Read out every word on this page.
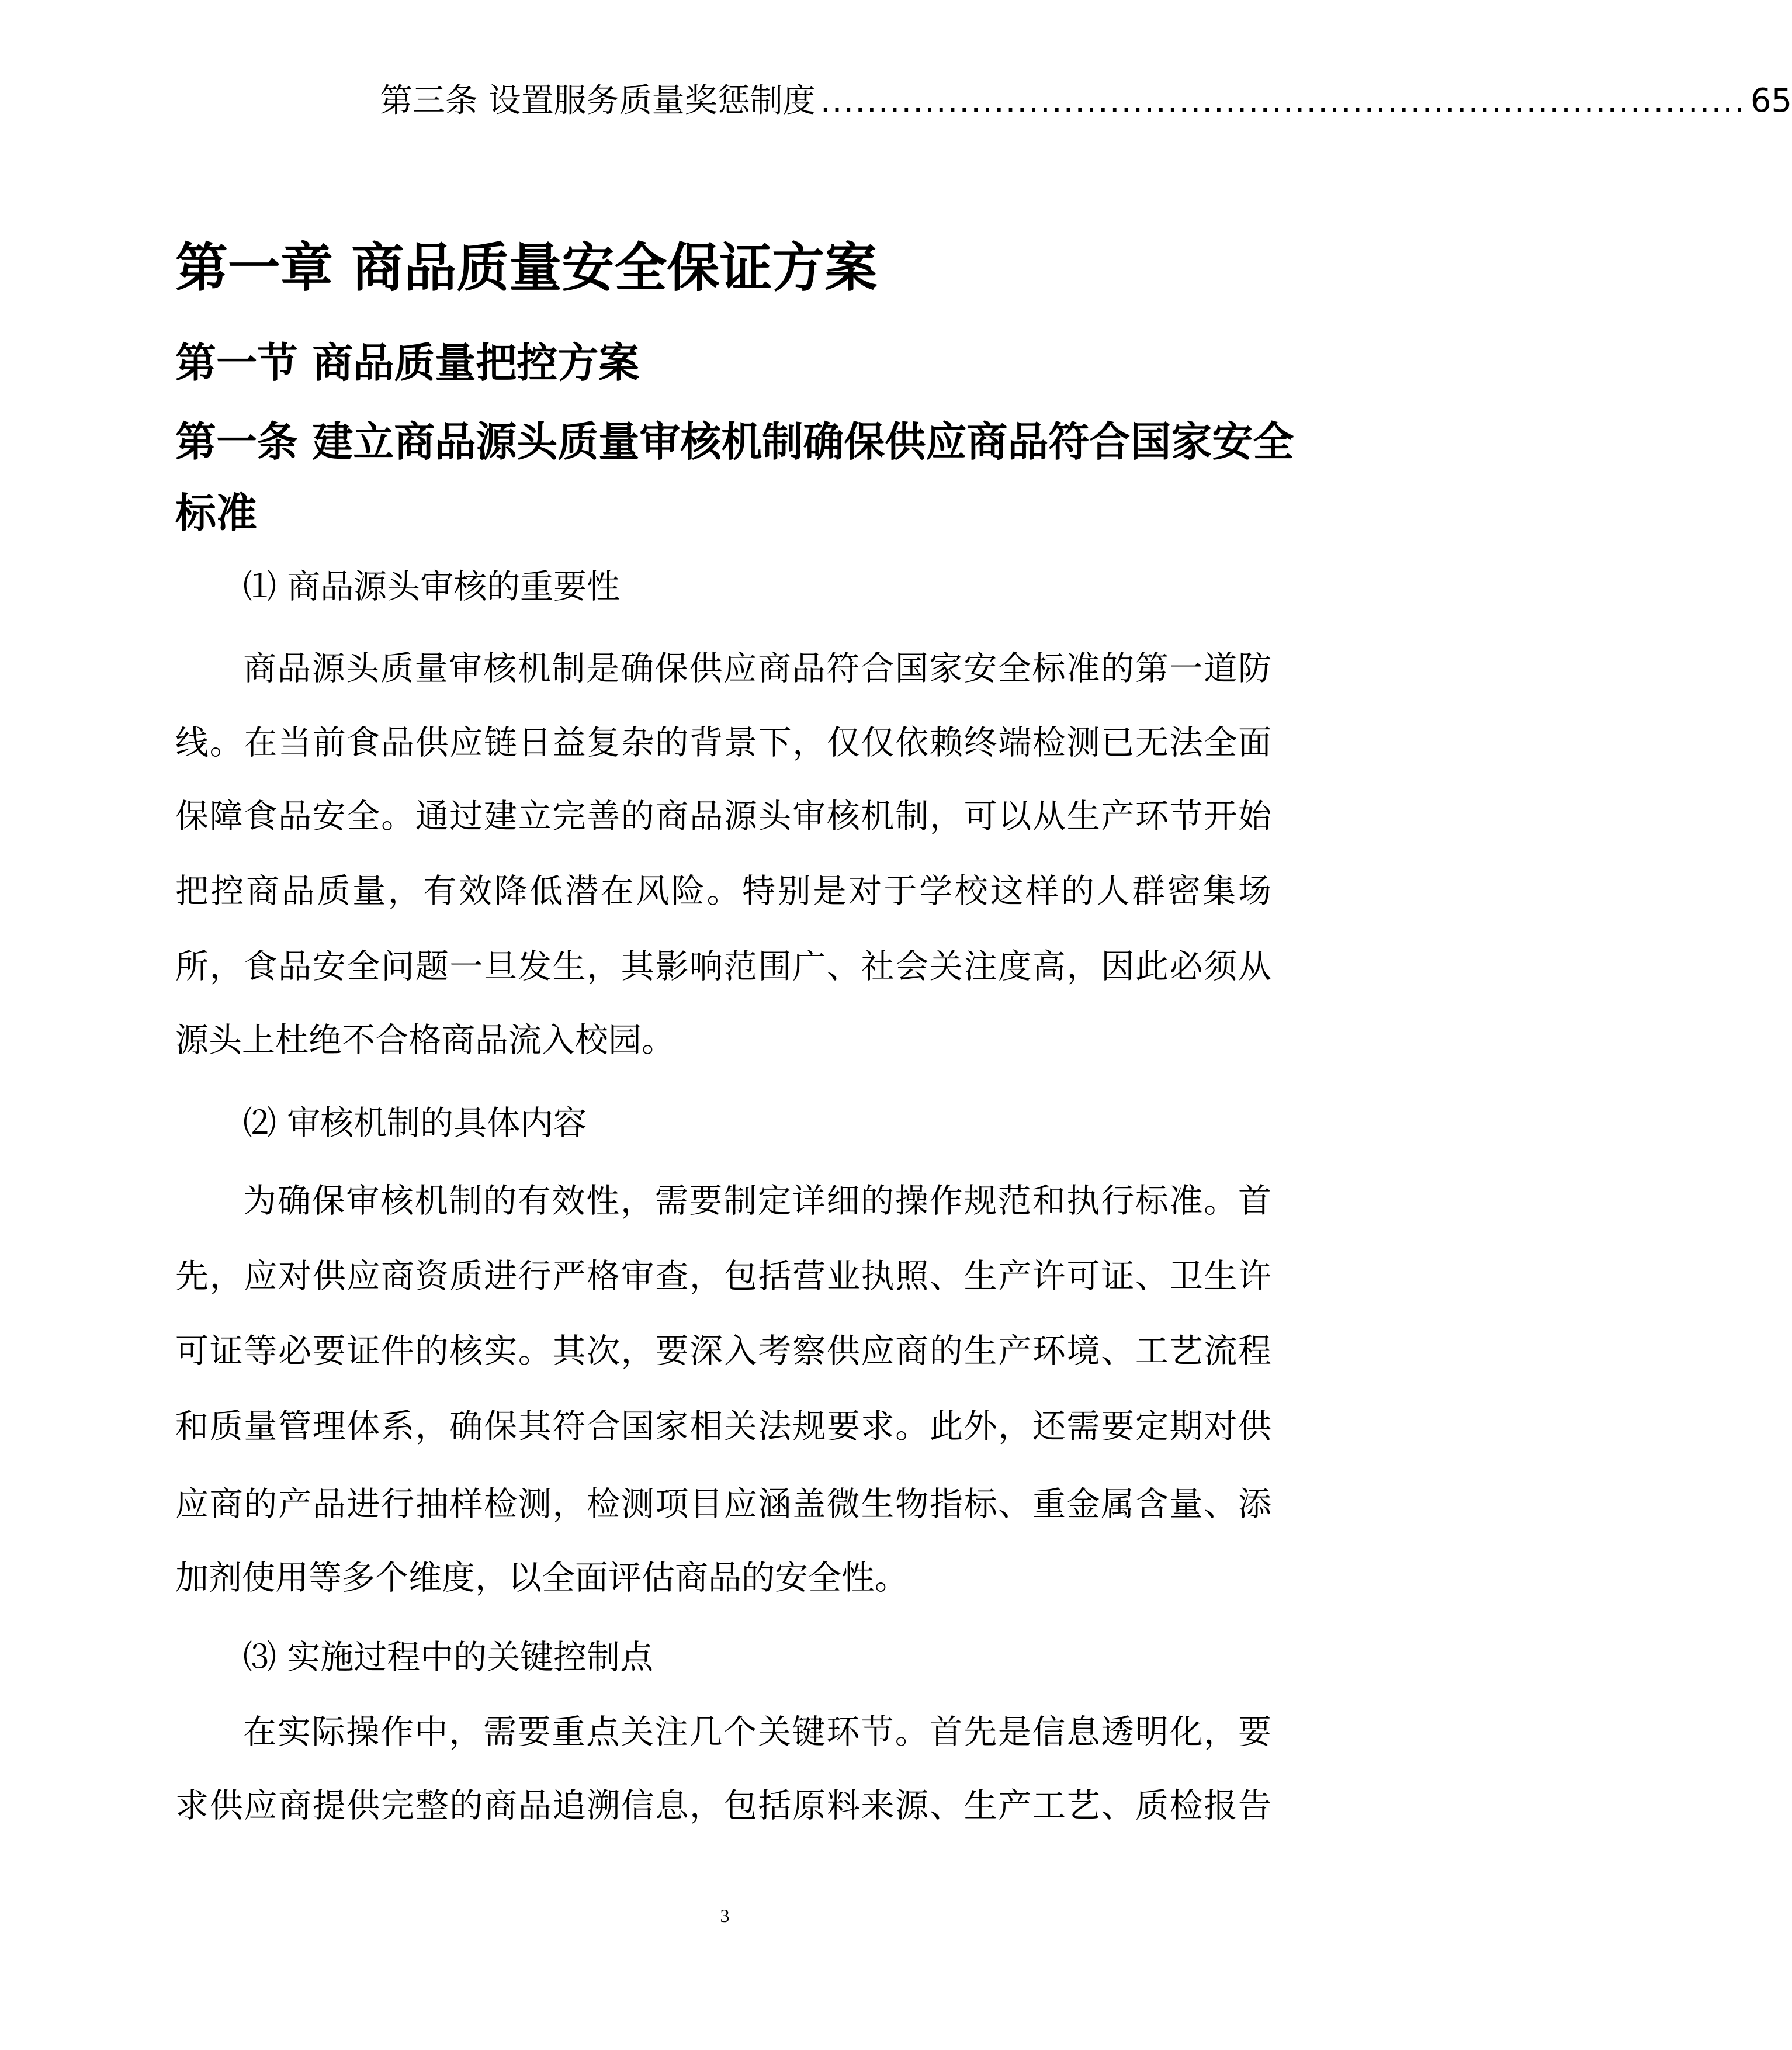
第三条 设置服务质量奖惩制度 ................................................................................ 65
第一章 商品质量安全保证方案
第一节 商品质量把控方案
第一条 建立商品源头质量审核机制确保供应商品符合国家安全
标准
⑴ 商品源头审核的重要性
商品源头质量审核机制是确保供应商品符合国家安全标准的第一道防
线。在当前食品供应链日益复杂的背景下，仅仅依赖终端检测已无法全面
保障食品安全。通过建立完善的商品源头审核机制，可以从生产环节开始
把控商品质量，有效降低潜在风险。特别是对于学校这样的人群密集场
所，食品安全问题一旦发生，其影响范围广、社会关注度高，因此必须从
源头上杜绝不合格商品流入校园。
⑵ 审核机制的具体内容
为确保审核机制的有效性，需要制定详细的操作规范和执行标准。首
先，应对供应商资质进行严格审查，包括营业执照、生产许可证、卫生许
可证等必要证件的核实。其次，要深入考察供应商的生产环境、工艺流程
和质量管理体系，确保其符合国家相关法规要求。此外，还需要定期对供
应商的产品进行抽样检测，检测项目应涵盖微生物指标、重金属含量、添
加剂使用等多个维度，以全面评估商品的安全性。
⑶ 实施过程中的关键控制点
在实际操作中，需要重点关注几个关键环节。首先是信息透明化，要
求供应商提供完整的商品追溯信息，包括原料来源、生产工艺、质检报告
3
